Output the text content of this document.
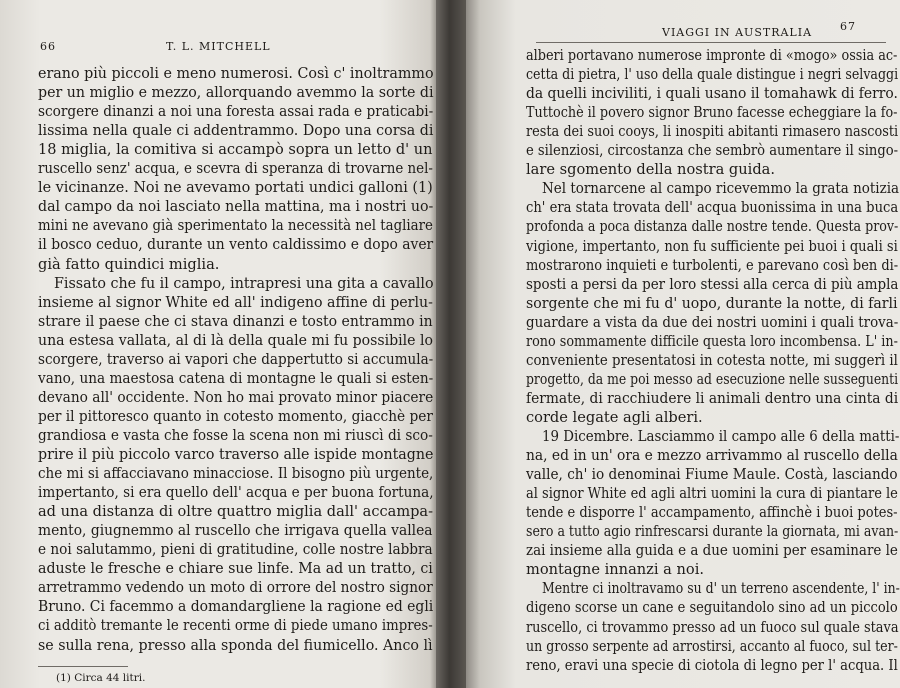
66	T. L. MITCHELL
erano più piccoli e meno numerosi. Così c' inoltrammo
per un miglio e mezzo, allorquando avemmo la sorte di
scorgere dinanzi a noi una foresta assai rada e praticabi-
lissima nella quale ci addentrammo. Dopo una corsa di
18 miglia, la comitiva si accampò sopra un letto d' un
ruscello senz' acqua, e scevra di speranza di trovarne nel-
le vicinanze. Noi ne avevamo portati undici galloni (1)
dal campo da noi lasciato nella mattina, ma i nostri uo-
mini ne avevano già sperimentato la necessità nel tagliare
il bosco ceduo, durante un vento caldissimo e dopo aver
già fatto quindici miglia.
Fissato che fu il campo, intrapresi una gita a cavallo
insieme al signor White ed all' indigeno affine di perlu-
strare il paese che ci stava dinanzi e tosto entrammo in
una estesa vallata, al di là della quale mi fu possibile lo
scorgere, traverso ai vapori che dappertutto si accumula-
vano, una maestosa catena di montagne le quali si esten-
devano all' occidente. Non ho mai provato minor piacere
per il pittoresco quanto in cotesto momento, giacchè per
grandiosa e vasta che fosse la scena non mi riuscì di sco-
prire il più piccolo varco traverso alle ispide montagne
che mi si affacciavano minacciose. Il bisogno più urgente,
impertanto, si era quello dell' acqua e per buona fortuna,
ad una distanza di oltre quattro miglia dall' accampa-
mento, giugnemmo al ruscello che irrigava quella vallea
e noi salutammo, pieni di gratitudine, colle nostre labbra
aduste le fresche e chiare sue linfe. Ma ad un tratto, ci
arretrammo vedendo un moto di orrore del nostro signor
Bruno. Ci facemmo a domandargliene la ragione ed egli
ci additò tremante le recenti orme di piede umano impres-
se sulla rena, presso alla sponda del fiumicello. Anco lì
(1) Circa 44 litri.
VIAGGI IN AUSTRALIA	67
alberi portavano numerose impronte di «mogo» ossia ac-
cetta di pietra, l' uso della quale distingue i negri selvaggi
da quelli inciviliti, i quali usano il tomahawk di ferro.
Tuttochè il povero signor Bruno facesse echeggiare la fo-
resta dei suoi cooys, li inospiti abitanti rimasero nascosti
e silenziosi, circostanza che sembrò aumentare il singo-
lare sgomento della nostra guida.
Nel tornarcene al campo ricevemmo la grata notizia
ch' era stata trovata dell' acqua buonissima in una buca
profonda a poca distanza dalle nostre tende. Questa prov-
vigione, impertanto, non fu sufficiente pei buoi i quali si
mostrarono inquieti e turbolenti, e parevano così ben di-
sposti a persi da per loro stessi alla cerca di più ampla
sorgente che mi fu d' uopo, durante la notte, di farli
guardare a vista da due dei nostri uomini i quali trova-
rono sommamente difficile questa loro incombensa. L' in-
conveniente presentatosi in cotesta notte, mi suggerì il
progetto, da me poi messo ad esecuzione nelle susseguenti
fermate, di racchiudere li animali dentro una cinta di
corde legate agli alberi.
19 Dicembre. Lasciammo il campo alle 6 della matti-
na, ed in un' ora e mezzo arrivammo al ruscello della
valle, ch' io denominai Fiume Maule. Costà, lasciando
al signor White ed agli altri uomini la cura di piantare le
tende e disporre l' accampamento, affinchè i buoi potes-
sero a tutto agio rinfrescarsi durante la giornata, mi avan-
zai insieme alla guida e a due uomini per esaminare le
montagne innanzi a noi.
Mentre ci inoltravamo su d' un terreno ascendente, l' in-
digeno scorse un cane e seguitandolo sino ad un piccolo
ruscello, ci trovammo presso ad un fuoco sul quale stava
un grosso serpente ad arrostirsi, accanto al fuoco, sul ter-
reno, eravi una specie di ciotola di legno per l' acqua. Il
